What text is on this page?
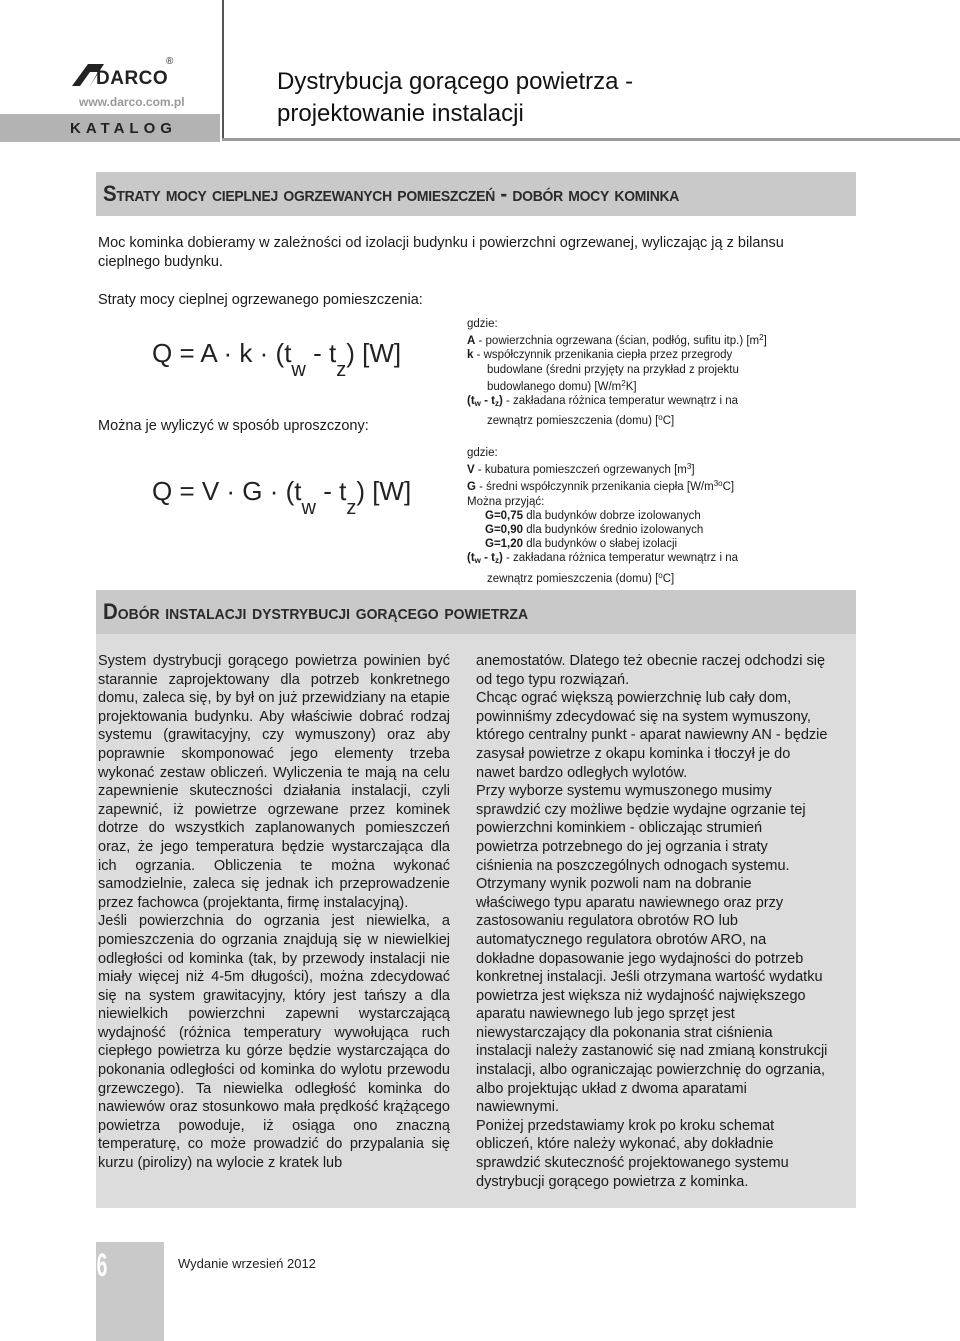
DARCO
®
www.darco.com.pl
KATALOG
Dystrybucja gorącego powietrza -
projektowanie instalacji
Straty mocy cieplnej ogrzewanych pomieszczeń - dobór mocy kominka
Moc kominka dobieramy w zależności od izolacji budynku i powierzchni ogrzewanej, wyliczając ją z bilansu cieplnego budynku.
Straty mocy cieplnej ogrzewanego pomieszczenia:
$Q = A \cdot k \cdot (t_w - t_z)$ [W]
Można je wyliczyć w sposób uproszczony:
$Q = V \cdot G \cdot (t_w - t_z)$ [W]
gdzie:
A - powierzchnia ogrzewana (ścian, podłóg, sufitu itp.) $[m^2]$
k - współczynnik przenikania ciepła przez przegrody
budowlane (średni przyjęty na przykład z projektu
budowlanego domu) $[W/m^2K]$
$(t_w - t_z)$ - zakładana różnica temperatur wewnątrz i na
zewnątrz pomieszczenia (domu) [$^o$C]
gdzie:
V - kubatura pomieszczeń ogrzewanych $[m^3]$
G - średni współczynnik przenikania ciepła $[W/m^{3o}C]$
Można przyjąć:
G=0,75 dla budynków dobrze izolowanych
G=0,90 dla budynków średnio izolowanych
G=1,20 dla budynków o słabej izolacji
$(t_w - t_z)$ - zakładana różnica temperatur wewnątrz i na
zewnątrz pomieszczenia (domu) [$^o$C]
Dobór instalacji dystrybucji gorącego powietrza

System dystrybucji gorącego powietrza powinien być starannie zaprojektowany dla potrzeb konkretnego domu, zaleca się, by był on już przewidziany na etapie projektowania budynku. Aby właściwie dobrać rodzaj systemu (grawitacyjny, czy wymuszony) oraz aby poprawnie skomponować jego elementy trzeba wykonać zestaw obliczeń. Wyliczenia te mają na celu zapewnienie skuteczności działania instalacji, czyli zapewnić, iż powietrze ogrzewane przez kominek dotrze do wszystkich zaplanowanych pomieszczeń oraz, że jego temperatura będzie wystarczająca dla ich ogrzania. Obliczenia te można wykonać samodzielnie, zaleca się jednak ich przeprowadzenie przez fachowca (projektanta, firmę instalacyjną).

Jeśli powierzchnia do ogrzania jest niewielka, a pomieszczenia do ogrzania znajdują się w niewielkiej odległości od kominka (tak, by przewody instalacji nie miały więcej niż 4-5m długości), można zdecydować się na system grawitacyjny, który jest tańszy a dla niewielkich powierzchni zapewni wystarczającą wydajność (różnica temperatury wywołująca ruch ciepłego powietrza ku górze będzie wystarczająca do pokonania odległości od kominka do wylotu przewodu grzewczego). Ta niewielka odległość kominka do nawiewów oraz stosunkowo mała prędkość krążącego powietrza powoduje, iż osiąga ono znaczną temperaturę, co może prowadzić do przypalania się kurzu (pirolizy) na wylocie z kratek lub

anemostatów. Dlatego też obecnie raczej odchodzi się od tego typu rozwiązań.

Chcąc ograć większą powierzchnię lub cały dom, powinniśmy zdecydować się na system wymuszony, którego centralny punkt - aparat nawiewny AN - będzie zasysał powietrze z okapu kominka i tłoczył je do nawet bardzo odległych wylotów.

Przy wyborze systemu wymuszonego musimy sprawdzić czy możliwe będzie wydajne ogrzanie tej powierzchni kominkiem - obliczając strumień powietrza potrzebnego do jej ogrzania i straty ciśnienia na poszczególnych odnogach systemu.

Otrzymany wynik pozwoli nam na dobranie właściwego typu aparatu nawiewnego oraz przy zastosowaniu regulatora obrotów RO lub automatycznego regulatora obrotów ARO, na dokładne dopasowanie jego wydajności do potrzeb konkretnej instalacji. Jeśli otrzymana wartość wydatku powietrza jest większa niż wydajność największego aparatu nawiewnego lub jego sprzęt jest niewystarczający dla pokonania strat ciśnienia instalacji należy zastanowić się nad zmianą konstrukcji instalacji, albo ograniczając powierzchnię do ogrzania, albo projektując układ z dwoma aparatami nawiewnymi.

Poniżej przedstawiamy krok po kroku schemat obliczeń, które należy wykonać, aby dokładnie sprawdzić skuteczność projektowanego systemu dystrybucji gorącego powietrza z kominka.

6	Wydanie wrzesień 2012
